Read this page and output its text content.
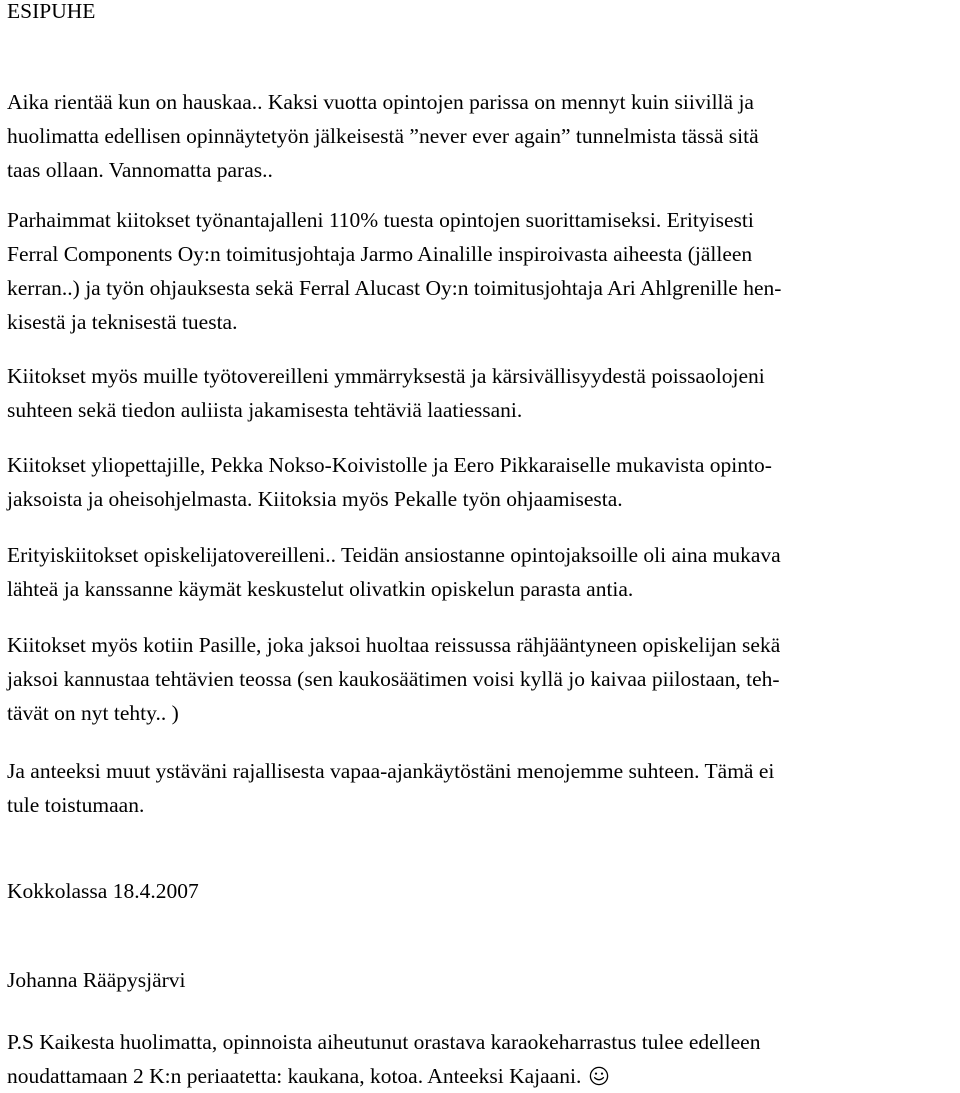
ESIPUHE
Aika rientää kun on hauskaa.. Kaksi vuotta opintojen parissa on mennyt kuin siivillä ja
huolimatta edellisen opinnäytetyön jälkeisestä ”never ever again” tunnelmista tässä sitä
taas ollaan. Vannomatta paras..
Parhaimmat kiitokset työnantajalleni 110% tuesta opintojen suorittamiseksi. Erityisesti
Ferral Components Oy:n toimitusjohtaja Jarmo Ainalille inspiroivasta aiheesta (jälleen
kerran..) ja työn ohjauksesta sekä Ferral Alucast Oy:n toimitusjohtaja Ari Ahlgrenille hen-
kisestä ja teknisestä tuesta.
Kiitokset myös muille työtovereilleni ymmärryksestä ja kärsivällisyydestä poissaolojeni
suhteen sekä tiedon auliista jakamisesta tehtäviä laatiessani.
Kiitokset yliopettajille, Pekka Nokso-Koivistolle ja Eero Pikkaraiselle mukavista opinto-
jaksoista ja oheisohjelmasta. Kiitoksia myös Pekalle työn ohjaamisesta.
Erityiskiitokset opiskelijatovereilleni.. Teidän ansiostanne opintojaksoille oli aina mukava
lähteä ja kanssanne käymät keskustelut olivatkin opiskelun parasta antia.
Kiitokset myös kotiin Pasille, joka jaksoi huoltaa reissussa rähjääntyneen opiskelijan sekä
jaksoi kannustaa tehtävien teossa (sen kaukosäätimen voisi kyllä jo kaivaa piilostaan, teh-
tävät on nyt tehty.. )
Ja anteeksi muut ystäväni rajallisesta vapaa-ajankäytöstäni menojemme suhteen. Tämä ei
tule toistumaan.
Kokkolassa 18.4.2007
Johanna Rääpysjärvi
P.S Kaikesta huolimatta, opinnoista aiheutunut orastava karaokeharrastus tulee edelleen
noudattamaan 2 K:n periaatetta: kaukana, kotoa. Anteeksi Kajaani.
